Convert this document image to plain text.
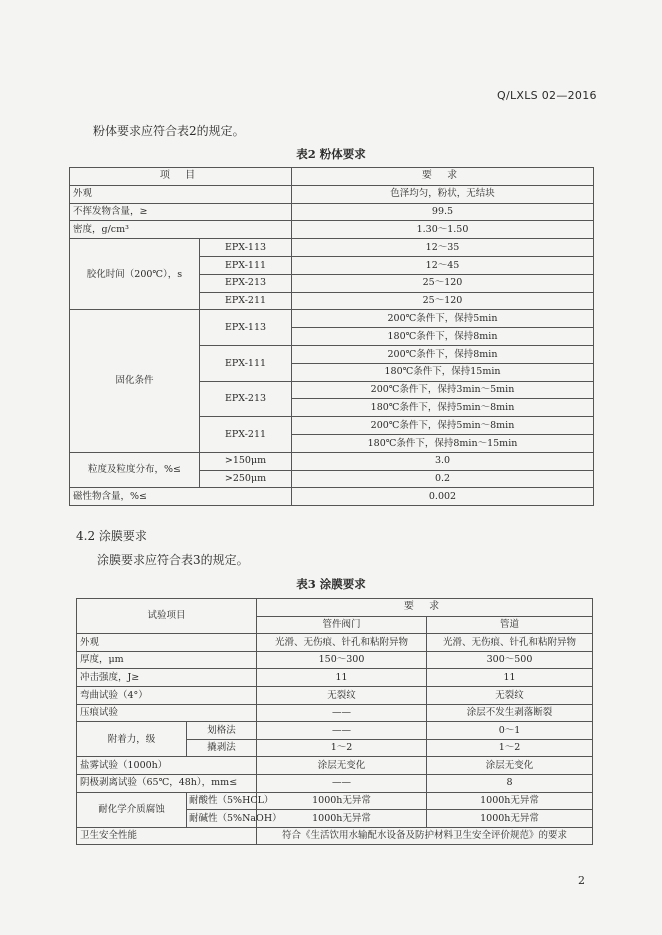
Q/LXLS 02—2016
粉体要求应符合表2的规定。
表2 粉体要求
项 目		要 求
外观		色泽均匀，粉状，无结块
不挥发物含量，≥		99.5
密度，g/cm³		1.30～1.50
胶化时间（200℃），s	EPX-113	12～35
	EPX-111	12～45
	EPX-213	25～120
	EPX-211	25～120
固化条件	EPX-113	200℃条件下，保持5min
		180℃条件下，保持8min
	EPX-111	200℃条件下，保持8min
		180℃条件下，保持15min
	EPX-213	200℃条件下，保持3min～5min
		180℃条件下，保持5min～8min
	EPX-211	200℃条件下，保持5min～8min
		180℃条件下，保持8min～15min
粒度及粒度分布，%≤	>150μm	3.0
	>250μm	0.2
磁性物含量，%≤		0.002
4.2 涂膜要求
涂膜要求应符合表3的规定。
表3 涂膜要求
试验项目		要 求	
		管件阀门	管道
外观		光滑、无伤痕、针孔和粘附异物	光滑、无伤痕、针孔和粘附异物
厚度，μm		150～300	300～500
冲击强度，J≥		11	11
弯曲试验（4°）		无裂纹	无裂纹
压痕试验		——	涂层不发生剥落断裂
附着力，级	划格法	——	0～1
	撬剥法	1～2	1～2
盐雾试验（1000h）		涂层无变化	涂层无变化
阴极剥离试验（65℃，48h），mm≤		——	8
耐化学介质腐蚀	耐酸性（5%HCL）	1000h无异常	1000h无异常
	耐碱性（5%NaOH）	1000h无异常	1000h无异常
卫生安全性能		符合《生活饮用水输配水设备及防护材料卫生安全评价规范》的要求	
2
